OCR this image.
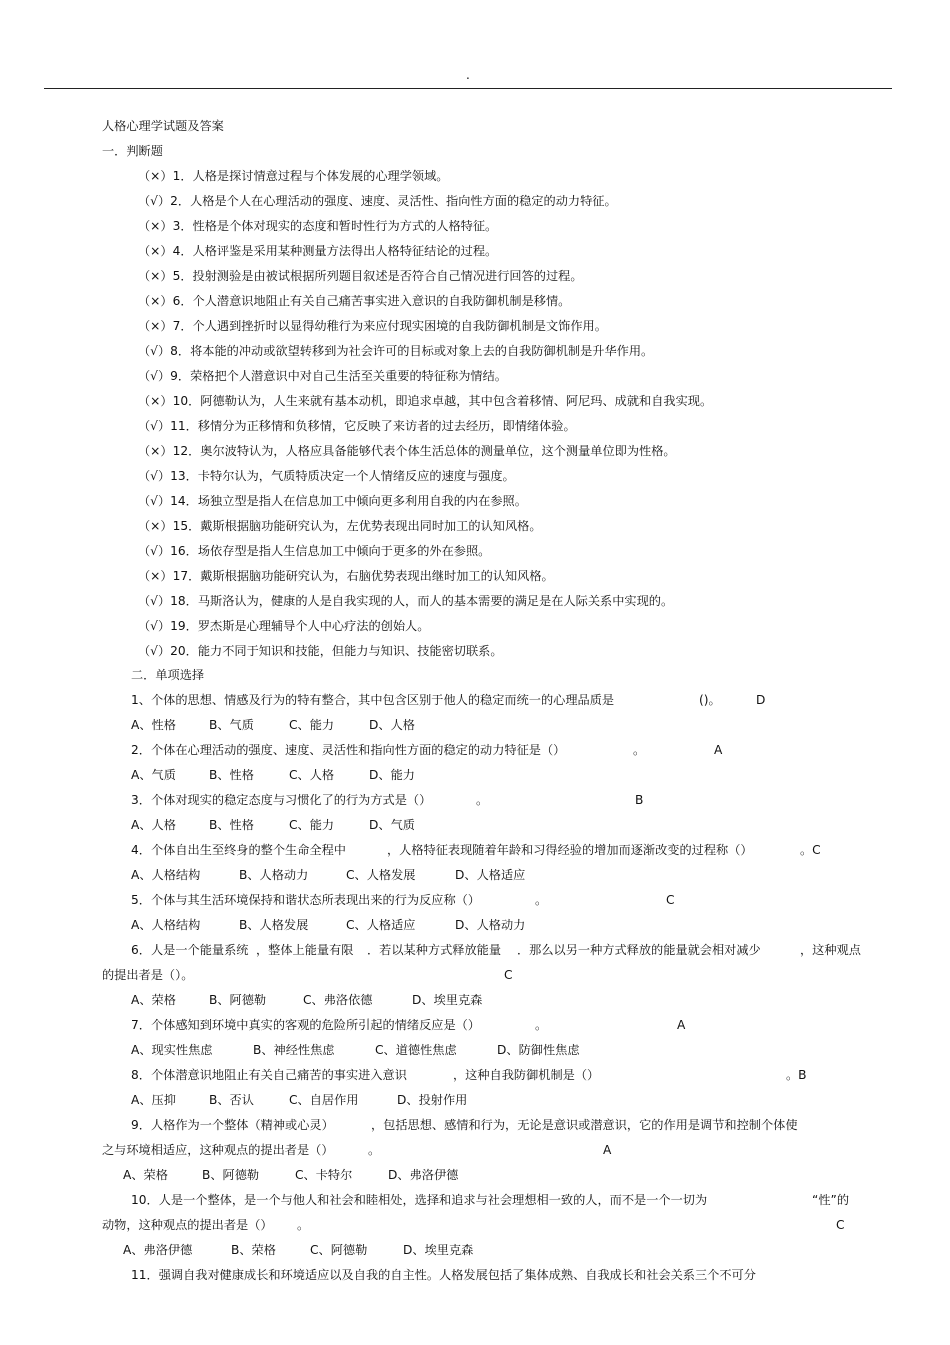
.
人格心理学试题及答案
一．判断题
（×）1．人格是探讨情意过程与个体发展的心理学领域。
（√）2．人格是个人在心理活动的强度、速度、灵活性、指向性方面的稳定的动力特征。
（×）3．性格是个体对现实的态度和暂时性行为方式的人格特征。
（×）4．人格评鉴是采用某种测量方法得出人格特征结论的过程。
（×）5．投射测验是由被试根据所列题目叙述是否符合自己情况进行回答的过程。
（×）6．个人潜意识地阻止有关自己痛苦事实进入意识的自我防御机制是移情。
（×）7．个人遇到挫折时以显得幼稚行为来应付现实困境的自我防御机制是文饰作用。
（√）8．将本能的冲动或欲望转移到为社会许可的目标或对象上去的自我防御机制是升华作用。
（√）9．荣格把个人潜意识中对自己生活至关重要的特征称为情结。
（×）10．阿德勒认为，人生来就有基本动机，即追求卓越，其中包含着移情、阿尼玛、成就和自我实现。
（√）11．移情分为正移情和负移情，它反映了来访者的过去经历，即情绪体验。
（×）12．奥尔波特认为，人格应具备能够代表个体生活总体的测量单位，这个测量单位即为性格。
（√）13．卡特尔认为，气质特质决定一个人情绪反应的速度与强度。
（√）14．场独立型是指人在信息加工中倾向更多利用自我的内在参照。
（×）15．戴斯根据脑功能研究认为，左优势表现出同时加工的认知风格。
（√）16．场依存型是指人生信息加工中倾向于更多的外在参照。
（×）17．戴斯根据脑功能研究认为，右脑优势表现出继时加工的认知风格。
（√）18．马斯洛认为，健康的人是自我实现的人，而人的基本需要的满足是在人际关系中实现的。
（√）19．罗杰斯是心理辅导个人中心疗法的创始人。
（√）20．能力不同于知识和技能，但能力与知识、技能密切联系。
二．单项选择
1、个体的思想、情感及行为的特有整合，其中包含区别于他人的稳定而统一的心理品质是	()。	D
A、性格	B、气质	C、能力	D、人格
2．个体在心理活动的强度、速度、灵活性和指向性方面的稳定的动力特征是（）	。	A
A、气质	B、性格	C、人格	D、能力
3．个体对现实的稳定态度与习惯化了的行为方式是（）	。	B
A、人格	B、性格	C、能力	D、气质
4．个体自出生至终身的整个生命全程中	，人格特征表现随着年龄和习得经验的增加而逐渐改变的过程称（）	。C
A、人格结构	B、人格动力	C、人格发展	D、人格适应
5．个体与其生活环境保持和谐状态所表现出来的行为反应称（）	。	C
A、人格结构	B、人格发展	C、人格适应	D、人格动力
6．人是一个能量系统 ，整体上能量有限 ．若以某种方式释放能量 ．那么以另一种方式释放的能量就会相对减少	，这种观点
的提出者是（）。	C
A、荣格	B、阿德勒	C、弗洛依德	D、埃里克森
7．个体感知到环境中真实的客观的危险所引起的情绪反应是（）	。	A
A、现实性焦虑	B、神经性焦虑	C、道德性焦虑	D、防御性焦虑
8．个体潜意识地阻止有关自己痛苦的事实进入意识	，这种自我防御机制是（）	。B
A、压抑	B、否认	C、自居作用	D、投射作用
9．人格作为一个整体（精神或心灵）	，包括思想、感情和行为，无论是意识或潜意识，它的作用是调节和控制个体使
之与环境相适应，这种观点的提出者是（）	。	A
A、荣格	B、阿德勒	C、卡特尔	D、弗洛伊德
10．人是一个整体，是一个与他人和社会和睦相处，选择和追求与社会理想相一致的人，而不是一个一切为	“性”的
动物，这种观点的提出者是（） 。	C
A、弗洛伊德	B、荣格	C、阿德勒	D、埃里克森
11．强调自我对健康成长和环境适应以及自我的自主性。人格发展包括了集体成熟、自我成长和社会关系三个不可分
